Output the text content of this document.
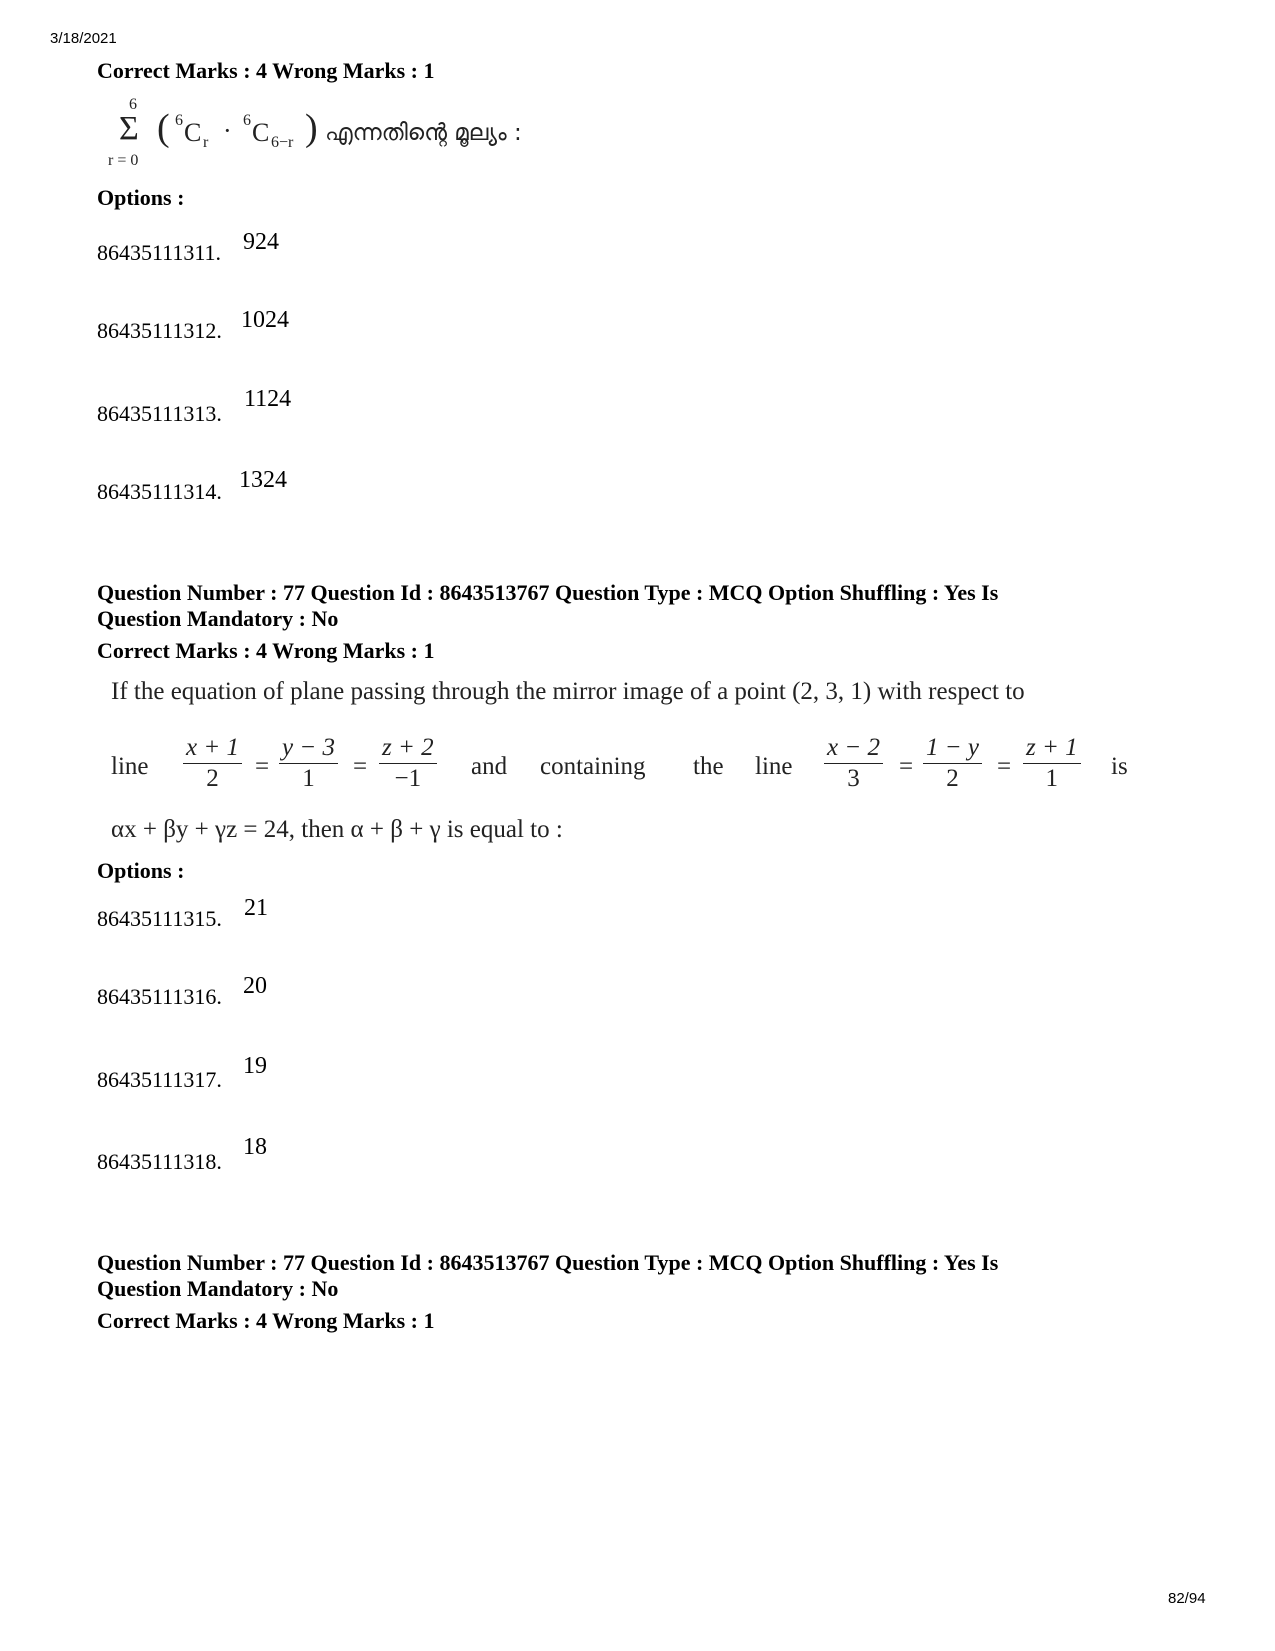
3/18/2021
Correct Marks : 4 Wrong Marks : 1
6
Σ
r = 0
( 6 C r · 6 C 6−r ) എന്നതിന്റെ മൂല്യം :
Options :
86435111311. 924
86435111312. 1024
86435111313.
1124
86435111314. 1324
Question Number : 77 Question Id : 8643513767 Question Type : MCQ Option Shuffling : Yes Is
Question Mandatory : No
Correct Marks : 4 Wrong Marks : 1
If the equation of plane passing through the mirror image of a point (2, 3, 1) with respect to
line $\frac{x + 1}{2} = \frac{y - 3}{1} = \frac{z + 2}{-1}$ and containing the line $\frac{x - 2}{3} = \frac{1 - y}{2} = \frac{z + 1}{1}$ is
αx + βy + γz = 24, then α + β + γ is equal to :
Options :
86435111315. 21
86435111316. 20
86435111317.
19
86435111318.
18
Question Number : 77 Question Id : 8643513767 Question Type : MCQ Option Shuffling : Yes Is
Question Mandatory : No
Correct Marks : 4 Wrong Marks : 1
82/94
